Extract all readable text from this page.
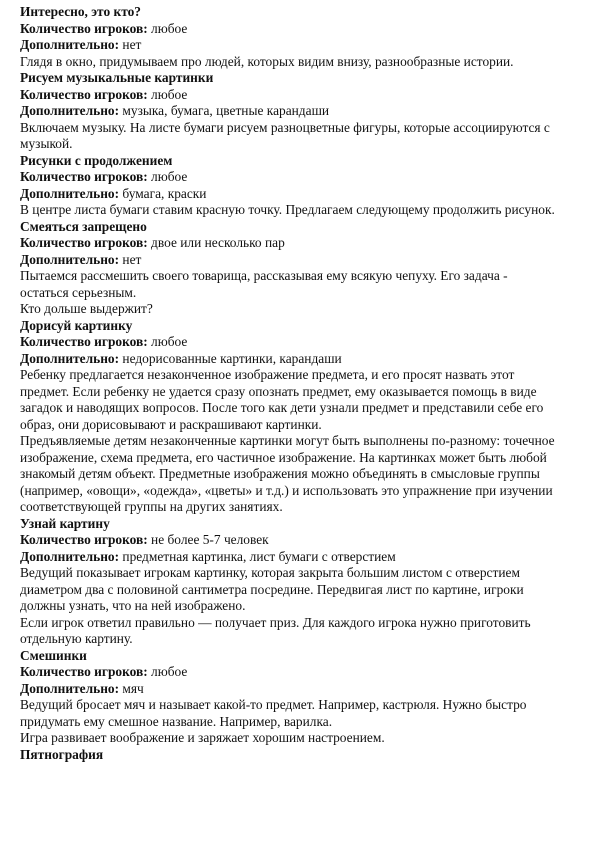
Интересно, это кто?
Количество игроков: любое
Дополнительно: нет
Глядя в окно, придумываем про людей, которых видим внизу, разнообразные истории.
Рисуем музыкальные картинки
Количество игроков: любое
Дополнительно: музыка, бумага, цветные карандаши
Включаем музыку. На листе бумаги рисуем разноцветные фигуры, которые ассоциируются с
музыкой.
Рисунки с продолжением
Количество игроков: любое
Дополнительно: бумага, краски
В центре листа бумаги ставим красную точку. Предлагаем следующему продолжить рисунок.
Смеяться запрещено
Количество игроков: двое или несколько пар
Дополнительно: нет
Пытаемся рассмешить своего товарища, рассказывая ему всякую чепуху. Его задача -
остаться серьезным.
Кто дольше выдержит?
Дорисуй картинку
Количество игроков: любое
Дополнительно: недорисованные картинки, карандаши
Ребенку предлагается незаконченное изображение предмета, и его просят назвать этот
предмет. Если ребенку не удается сразу опознать предмет, ему оказывается помощь в виде
загадок и наводящих вопросов. После того как дети узнали предмет и представили себе его
образ, они дорисовывают и раскрашивают картинки.
Предъявляемые детям незаконченные картинки могут быть выполнены по-разному: точечное
изображение, схема предмета, его частичное изображение. На картинках может быть любой
знакомый детям объект. Предметные изображения можно объединять в смысловые группы
(например, «овощи», «одежда», «цветы» и т.д.) и использовать это упражнение при изучении
соответствующей группы на других занятиях.
Узнай картину
Количество игроков: не более 5-7 человек
Дополнительно: предметная картинка, лист бумаги с отверстием
Ведущий показывает игрокам картинку, которая закрыта большим листом с отверстием
диаметром два с половиной сантиметра посредине. Передвигая лист по картине, игроки
должны узнать, что на ней изображено.
Если игрок ответил правильно — получает приз. Для каждого игрока нужно приготовить
отдельную картину.
Смешинки
Количество игроков: любое
Дополнительно: мяч
Ведущий бросает мяч и называет какой-то предмет. Например, кастрюля. Нужно быстро
придумать ему смешное название. Например, варилка.
Игра развивает воображение и заряжает хорошим настроением.
Пятнография
